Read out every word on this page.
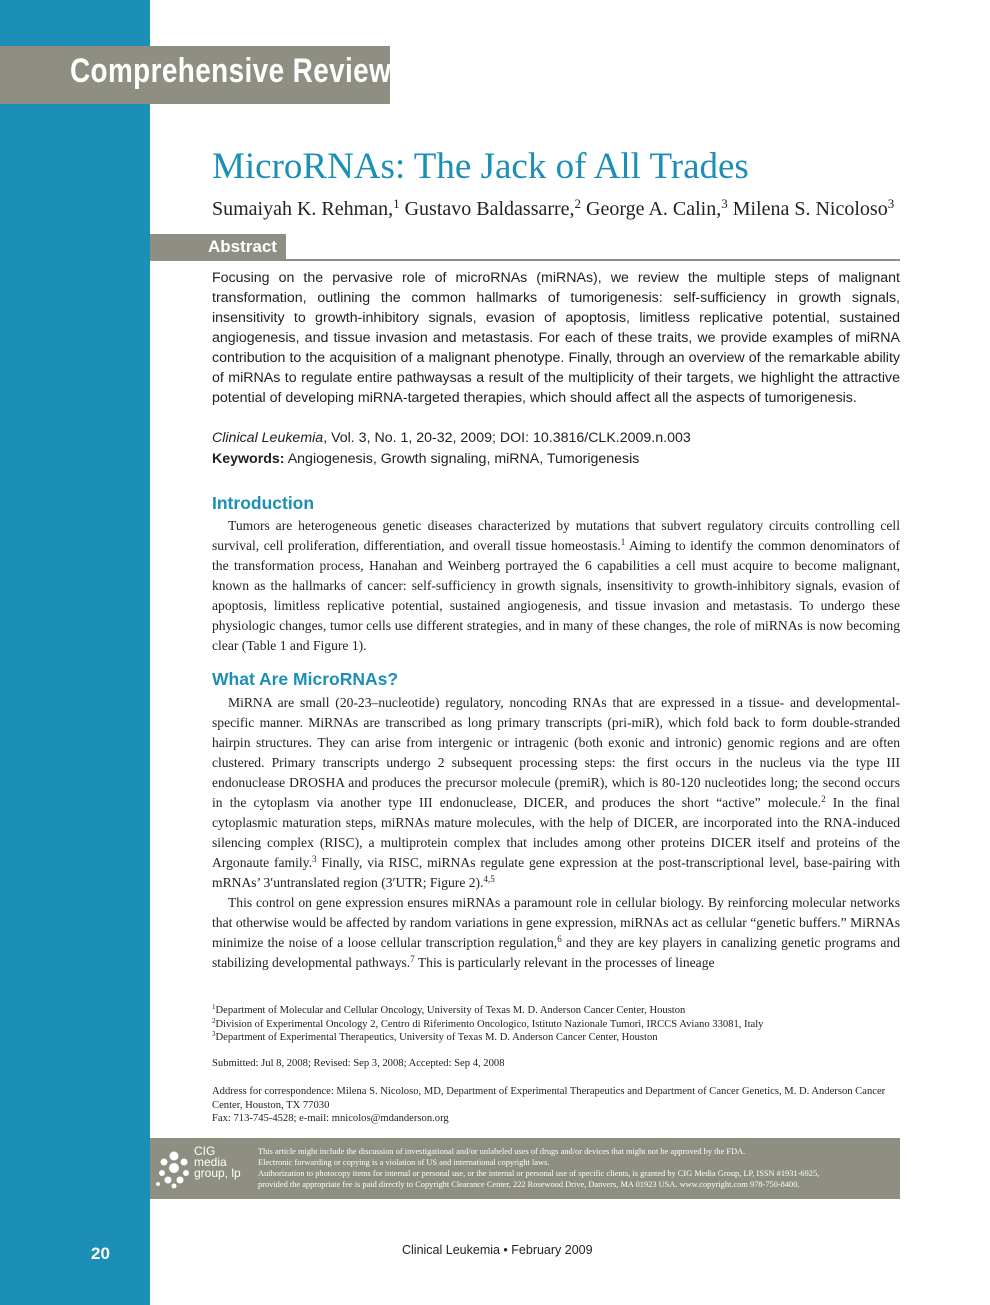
Comprehensive Review
MicroRNAs: The Jack of All Trades
Sumaiyah K. Rehman,$^1$ Gustavo Baldassarre,$^2$ George A. Calin,$^3$ Milena S. Nicoloso$^3$
Abstract
Focusing on the pervasive role of microRNAs (miRNAs), we review the multiple steps of malignant transformation, outlining the common hallmarks of tumorigenesis: self-sufficiency in growth signals, insensitivity to growth-inhibitory signals, evasion of apoptosis, limitless replicative potential, sustained angiogenesis, and tissue invasion and metastasis. For each of these traits, we provide examples of miRNA contribution to the acquisition of a malignant phenotype. Finally, through an overview of the remarkable ability of miRNAs to regulate entire pathwaysas a result of the multiplicity of their targets, we highlight the attractive potential of developing miRNA-targeted therapies, which should affect all the aspects of tumorigenesis.
Clinical Leukemia, Vol. 3, No. 1, 20-32, 2009; DOI: 10.3816/CLK.2009.n.003
Keywords: Angiogenesis, Growth signaling, miRNA, Tumorigenesis
Introduction

Tumors are heterogeneous genetic diseases characterized by mutations that subvert regulatory circuits controlling cell survival, cell proliferation, differentiation, and overall tissue homeostasis.$^1$ Aiming to identify the common denominators of the transformation process, Hanahan and Weinberg portrayed the 6 capabilities a cell must acquire to become malignant, known as the hallmarks of cancer: self-sufficiency in growth signals, insensitivity to growth-inhibitory signals, evasion of apoptosis, limitless replicative potential, sustained angiogenesis, and tissue invasion and metastasis. To undergo these physiologic changes, tumor cells use different strategies, and in many of these changes, the role of miRNAs is now becoming clear (Table 1 and Figure 1).

What Are MicroRNAs?

MiRNA are small (20-23–nucleotide) regulatory, noncoding RNAs that are expressed in a tissue- and developmental-specific manner. MiRNAs are transcribed as long primary transcripts (pri-miR), which fold back to form double-stranded hairpin structures. They can arise from intergenic or intragenic (both exonic and intronic) genomic regions and are often clustered. Primary transcripts undergo 2 subsequent processing steps: the first occurs in the nucleus via the type III endonuclease DROSHA and produces the precursor molecule (premiR), which is 80-120 nucleotides long; the second occurs in the cytoplasm via another type III endonuclease, DICER, and produces the short “active” molecule.$^2$ In the final cytoplasmic maturation steps, miRNAs mature molecules, with the help of DICER, are incorporated into the RNA-induced silencing complex (RISC), a multiprotein complex that includes among other proteins DICER itself and proteins of the Argonaute family.$^3$ Finally, via RISC, miRNAs regulate gene expression at the post-transcriptional level, base-pairing with mRNAs’ 3′untranslated region (3′UTR; Figure 2).$^{4,5}$

This control on gene expression ensures miRNAs a paramount role in cellular biology. By reinforcing molecular networks that otherwise would be affected by random variations in gene expression, miRNAs act as cellular “genetic buffers.” MiRNAs minimize the noise of a loose cellular transcription regulation,$^6$ and they are key players in canalizing genetic programs and stabilizing developmental pathways.$^7$ This is particularly relevant in the processes of lineage

$^1$Department of Molecular and Cellular Oncology, University of Texas M. D. Anderson Cancer Center, Houston
$^2$Division of Experimental Oncology 2, Centro di Riferimento Oncologico, Istituto Nazionale Tumori, IRCCS Aviano 33081, Italy
$^3$Department of Experimental Therapeutics, University of Texas M. D. Anderson Cancer Center, Houston
Submitted: Jul 8, 2008; Revised: Sep 3, 2008; Accepted: Sep 4, 2008
Address for correspondence: Milena S. Nicoloso, MD, Department of Experimental Therapeutics and Department of Cancer Genetics, M. D. Anderson Cancer Center, Houston, TX 77030
Fax: 713-745-4528; e-mail: mnicolos@mdanderson.org
CIG
media
group, lp
This article might include the discussion of investigational and/or unlabeled uses of drugs and/or devices that might not be approved by the FDA.
Electronic forwarding or copying is a violation of US and international copyright laws.
Authorization to photocopy items for internal or personal use, or the internal or personal use of specific clients, is granted by CIG Media Group, LP, ISSN #1931-6925,
provided the appropriate fee is paid directly to Copyright Clearance Center, 222 Rosewood Drive, Danvers, MA 01923 USA. www.copyright.com 978-750-8400.
20	Clinical Leukemia • February 2009
